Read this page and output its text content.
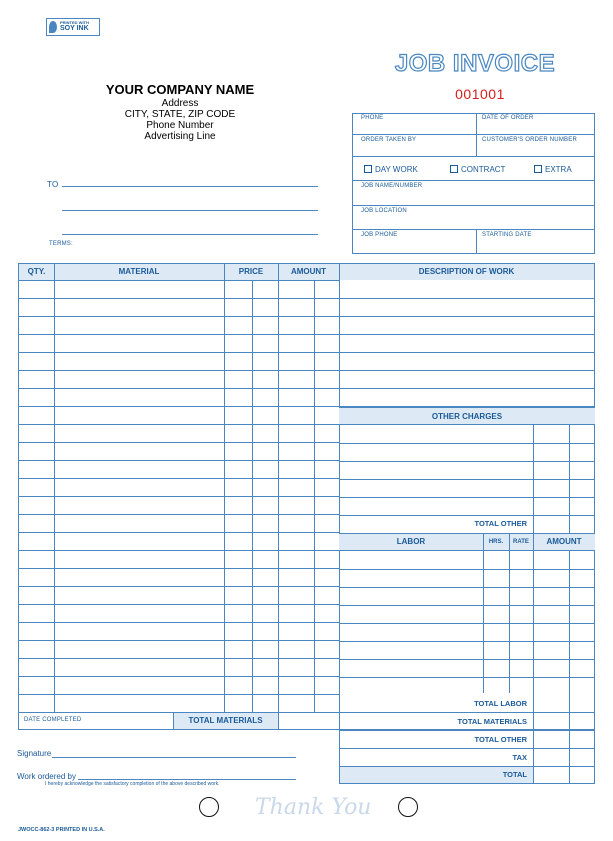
PRINTED WITH
SOY INK
YOUR COMPANY NAME
Address
CITY, STATE, ZIP CODE
Phone Number
Advertising Line
JOB INVOICE
001001
TO
TERMS:
PHONE	DATE OF ORDER
ORDER TAKEN BY	CUSTOMER'S ORDER NUMBER
DAY WORK	CONTRACT	EXTRA
JOB NAME/NUMBER
JOB LOCATION
JOB PHONE	STARTING DATE
DESCRIPTION OF WORK
QTY.	MATERIAL	PRICE	AMOUNT
OTHER CHARGES
TOTAL OTHER
LABOR	HRS.	RATE	AMOUNT
TOTAL LABOR
TOTAL MATERIALS
TOTAL OTHER
TAX
TOTAL
DATE COMPLETED	TOTAL MATERIALS
Signature
Work ordered by
I hereby acknowledge the satisfactory completion of the above described work.
Thank You
JWOCC-862-3 PRINTED IN U.S.A.
